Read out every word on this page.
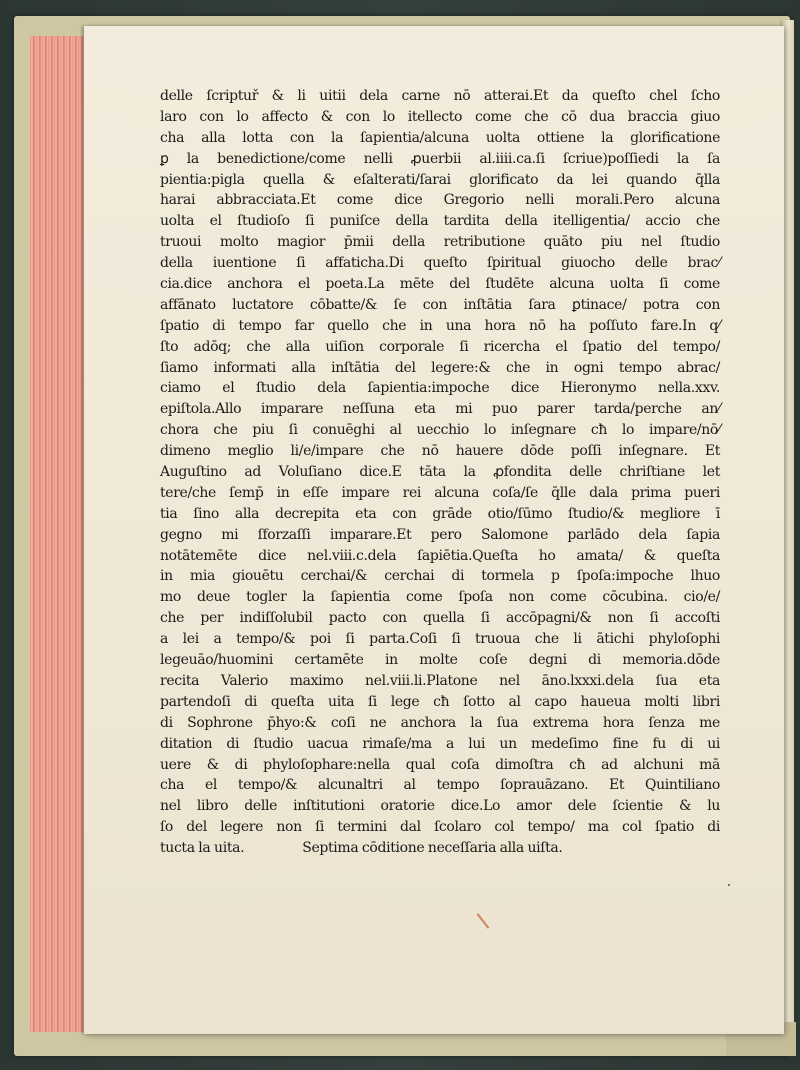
delle ſcriptuř & li uitii dela carne nō atterai.Et da queſto chel ſcho
laro con lo affecto & con lo itellecto come che cō dua braccia giuo
cha alla lotta con la ſapientia/alcuna uolta ottiene la glorificatione
ꝑ la benedictione/come nelli ꝓuerbii al.iiii.ca.ſi ſcriue)poſſiedi la ſa
pientia:pigla quella & eſalterati/ſarai glorificato da lei quando q̄lla
harai abbracciata.Et come dice Gregorio nelli morali.Pero alcuna
uolta el ſtudioſo ſi puniſce della tardita della itelligentia/ accio che
truoui molto magior p̄mii della retributione quāto piu nel ſtudio
della iuentione ſi affaticha.Di queſto ſpiritual giuocho delle brac⁄
cia.dice anchora el poeta.La mēte del ſtudēte alcuna uolta ſi come
affānato luctatore cōbatte/& ſe con inſtātia ſara ꝑtinace/ potra con
ſpatio di tempo far quello che in una hora nō ha poſſuto fare.In q⁄
ſto adōq; che alla uiſion corporale ſi ricercha el ſpatio del tempo/
ſiamo informati alla inſtātia del legere:& che in ogni tempo abrac/
ciamo el ſtudio dela ſapientia:impoche dice Hieronymo nella.xxv.
epiſtola.Allo imparare neſſuna eta mi puo parer tarda/perche an⁄
chora che piu ſi conuēghi al uecchio lo inſegnare cħ lo impare/nō⁄
dimeno meglio li/e/impare che nō hauere dōde poſſi inſegnare. Et
Auguſtino ad Voluſiano dice.E tāta la ꝓfondita delle chriſtiane let
tere/che ſemp̄ in eſſe impare rei alcuna coſa/ſe q̄lle dala prima pueri
tia ſino alla decrepita eta con grāde otio/ſūmo ſtudio/& megliore ī
gegno mi ſforzaſſi imparare.Et pero Salomone parlādo dela ſapia
notātemēte dice nel.viii.c.dela ſapiētia.Queſta ho amata/ & queſta
in mia giouētu cerchai/& cerchai di tormela p ſpoſa:impoche lhuo
mo deue togler la ſapientia come ſpoſa non come cōcubina. cio/e/
che per indiſſolubil pacto con quella ſi accōpagni/& non ſi accoſti
a lei a tempo/& poi ſi parta.Coſi ſi truoua che li ātichi phyloſophi
legeuāo/huomini certamēte in molte coſe degni di memoria.dōde
recita Valerio maximo nel.viii.li.Platone nel āno.lxxxi.dela ſua eta
partendoſi di queſta uita ſi lege cħ ſotto al capo haueua molti libri
di Sophrone p̄hyo:& coſi ne anchora la ſua extrema hora ſenza me
ditation di ſtudio uacua rimaſe/ma a lui un medeſimo fine fu di ui
uere & di phyloſophare:nella qual coſa dimoſtra cħ ad alchuni mā
cha el tempo/& alcunaltri al tempo ſoprauāzano. Et Quintiliano
nel libro delle inſtitutioni oratorie dice.Lo amor dele ſcientie & lu
ſo del legere non ſi termini dal ſcolaro col tempo/ ma col ſpatio di
tucta la uita.	Septima cōditione neceſſaria alla uiſta.
